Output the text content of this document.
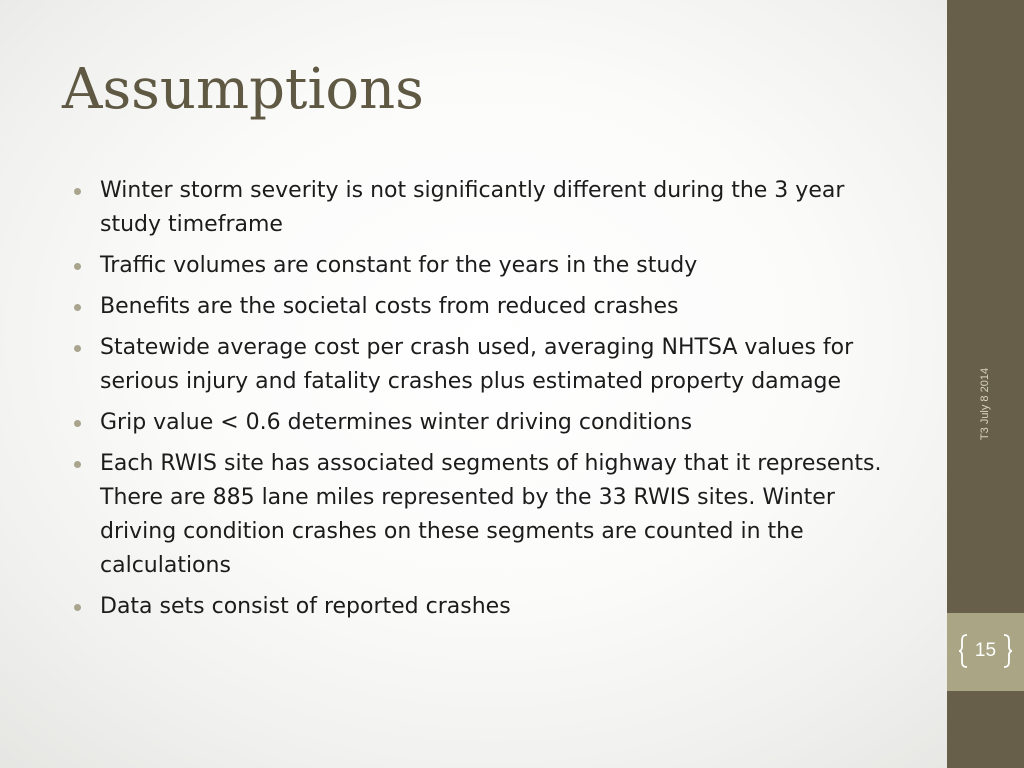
Assumptions
Winter storm severity is not significantly different during the 3 year study timeframe
Traffic volumes are constant for the years in the study
Benefits are the societal costs from reduced crashes
Statewide average cost per crash used, averaging NHTSA values for serious injury and fatality crashes plus estimated property damage
Grip value < 0.6 determines winter driving conditions
Each RWIS site has associated segments of highway that it represents. There are 885 lane miles represented by the 33 RWIS sites. Winter driving condition crashes on these segments are counted in the calculations
Data sets consist of reported crashes
T3 July 8 2014
15
